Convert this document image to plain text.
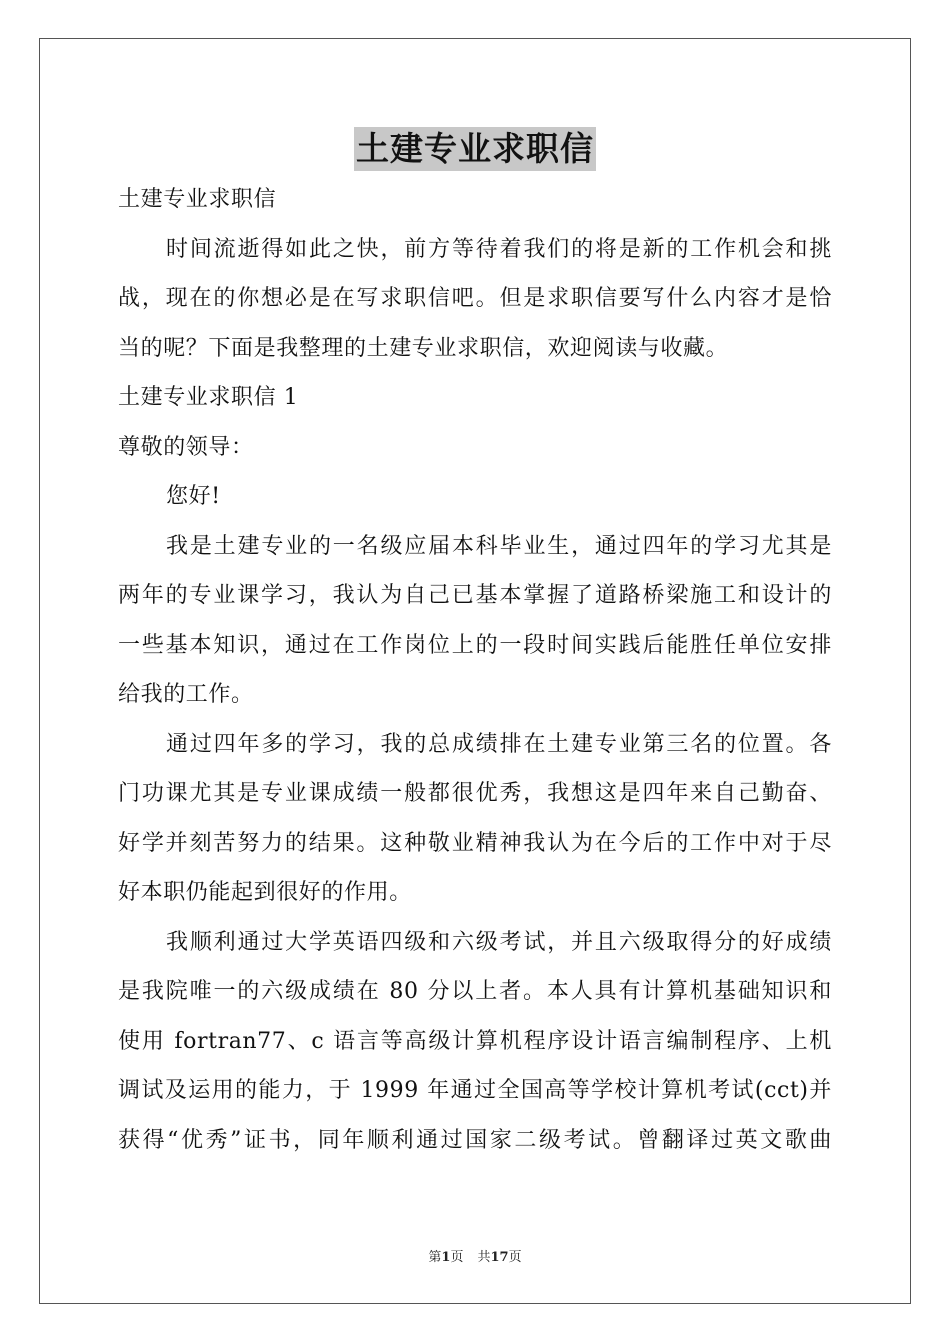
土建专业求职信
土建专业求职信
时间流逝得如此之快，前方等待着我们的将是新的工作机会和挑
战，现在的你想必是在写求职信吧。但是求职信要写什么内容才是恰
当的呢？下面是我整理的土建专业求职信，欢迎阅读与收藏。
土建专业求职信 1
尊敬的领导：
您好!
我是土建专业的一名级应届本科毕业生，通过四年的学习尤其是
两年的专业课学习，我认为自己已基本掌握了道路桥梁施工和设计的
一些基本知识，通过在工作岗位上的一段时间实践后能胜任单位安排
给我的工作。
通过四年多的学习，我的总成绩排在土建专业第三名的位置。各
门功课尤其是专业课成绩一般都很优秀，我想这是四年来自己勤奋、
好学并刻苦努力的结果。这种敬业精神我认为在今后的工作中对于尽
好本职仍能起到很好的作用。
我顺利通过大学英语四级和六级考试，并且六级取得分的好成绩
是我院唯一的六级成绩在 80 分以上者。本人具有计算机基础知识和
使用 fortran77、c 语言等高级计算机程序设计语言编制程序、上机
调试及运用的能力，于 1999 年通过全国高等学校计算机考试(cct)并
获得“优秀”证书，同年顺利通过国家二级考试。曾翻译过英文歌曲
第1页 共17页
